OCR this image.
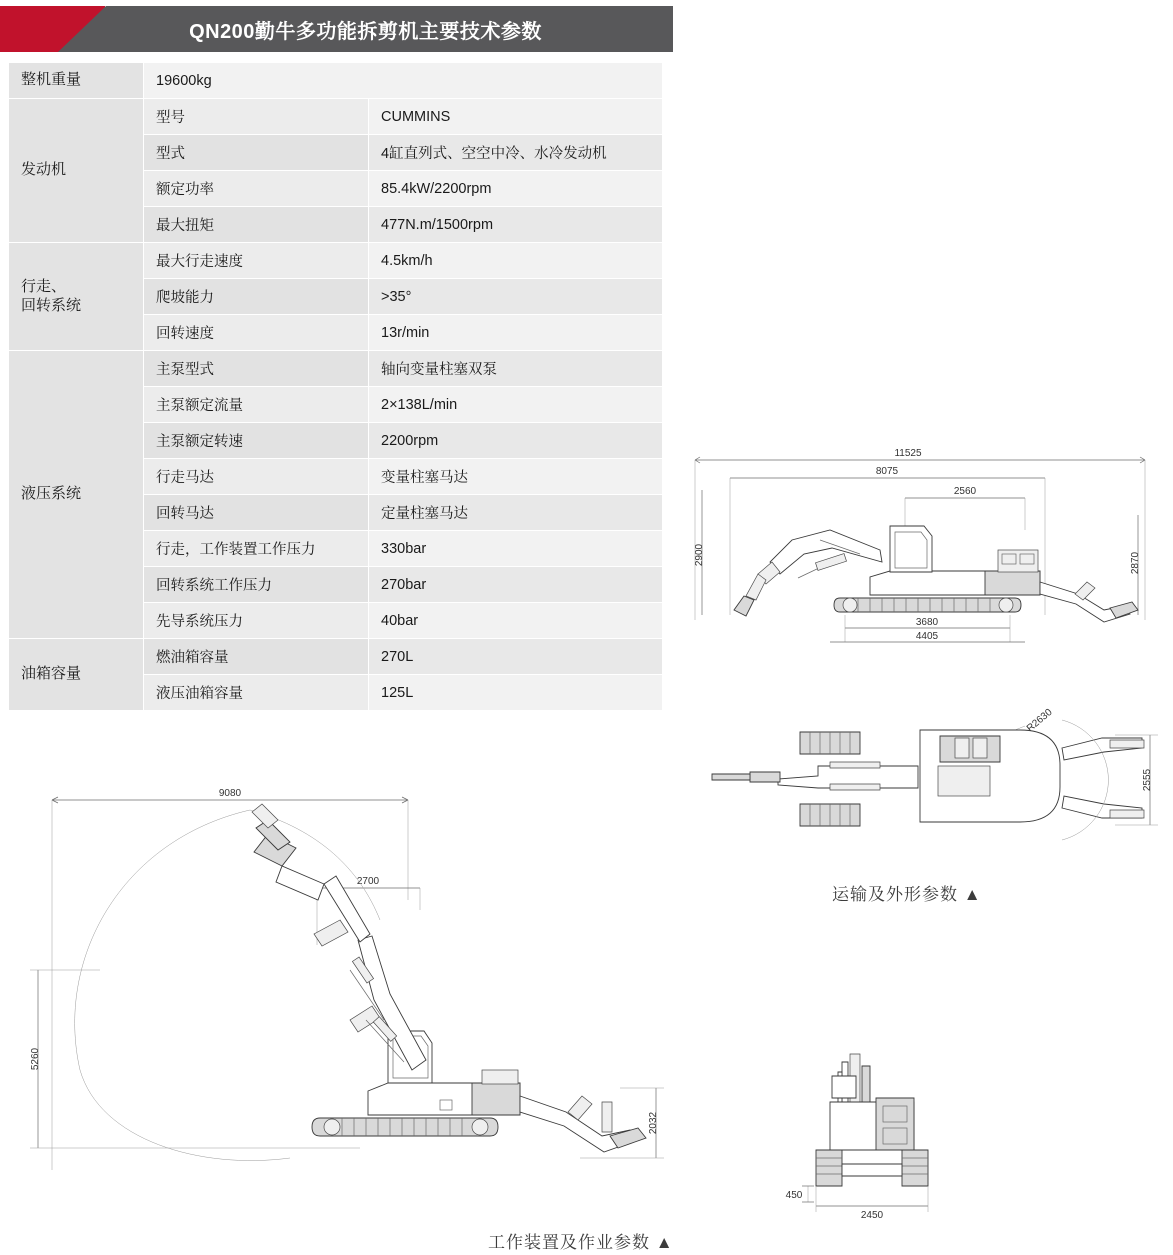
QN200勤牛多功能拆剪机主要技术参数
整机重量	19600kg	
发动机	型号	CUMMINS
	型式	4缸直列式、空空中冷、水冷发动机
	额定功率	85.4kW/2200rpm
	最大扭矩	477N.m/1500rpm
行走、
回转系统	最大行走速度	4.5km/h
	爬坡能力	>35°
	回转速度	13r/min
液压系统	主泵型式	轴向变量柱塞双泵
	主泵额定流量	2×138L/min
	主泵额定转速	2200rpm
	行走马达	变量柱塞马达
	回转马达	定量柱塞马达
	行走，工作装置工作压力	330bar
	回转系统工作压力	270bar
	先导系统压力	40bar
油箱容量	燃油箱容量	270L
	液压油箱容量	125L
11525
8075
2560
2900	2870
3680
4405
R2630
2555
运输及外形参数 ▲
9080
2700
5260
2032
工作装置及作业参数 ▲
450
2450
